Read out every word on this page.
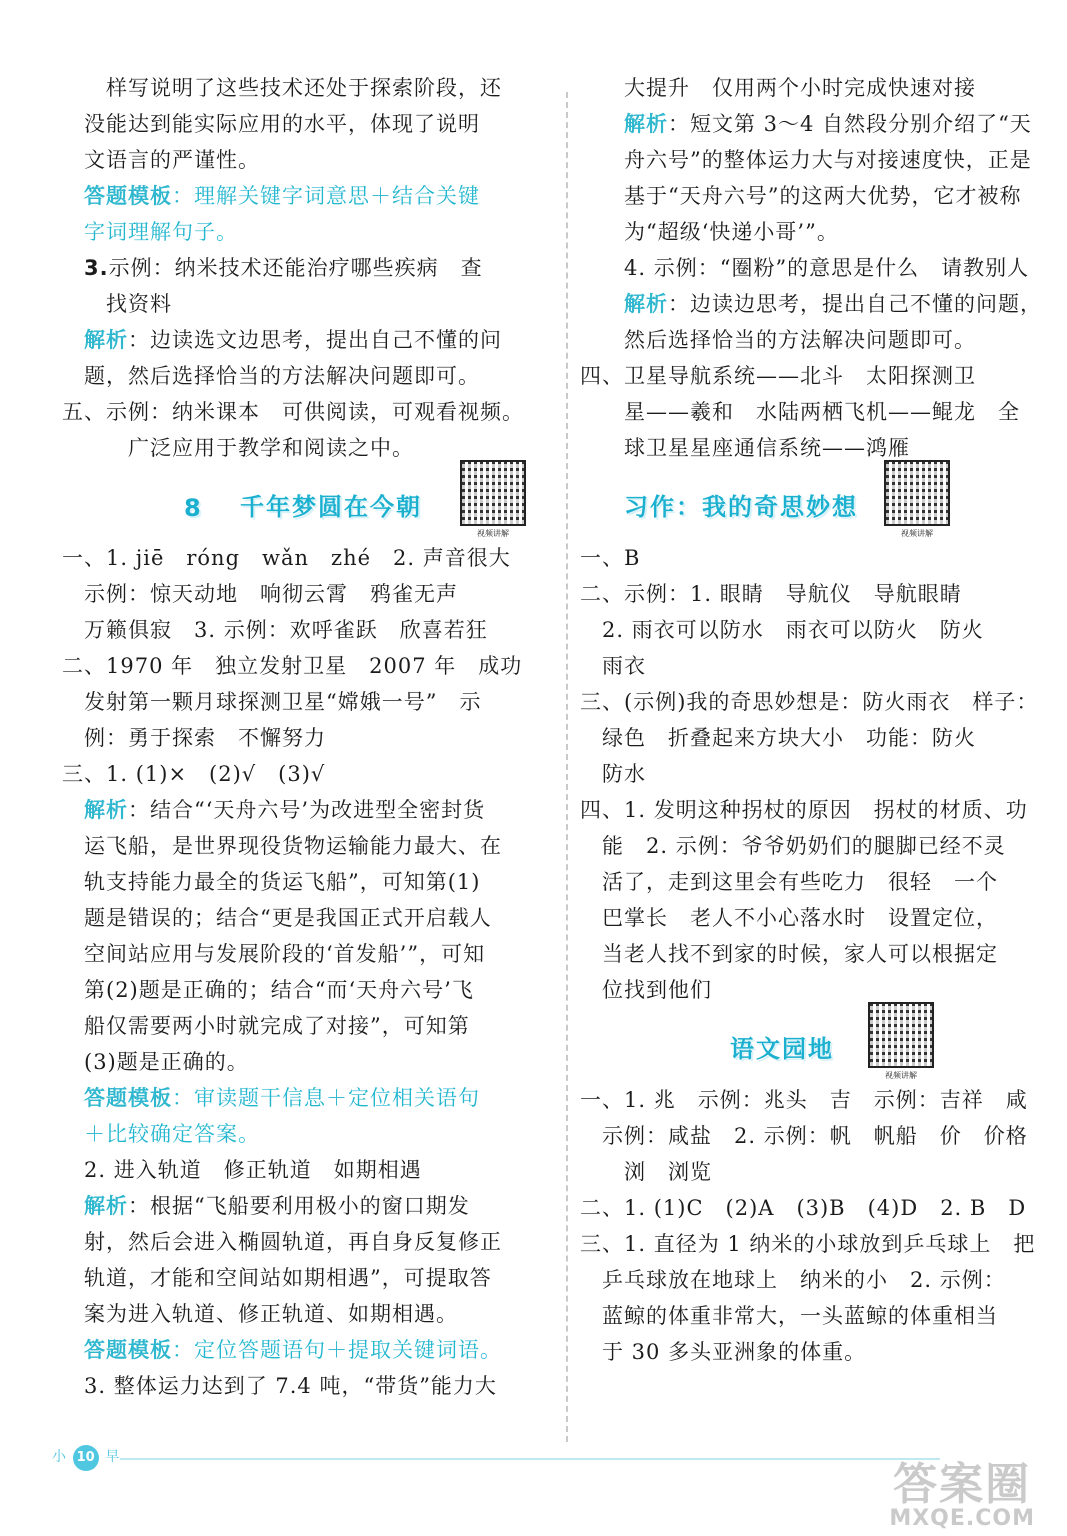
样写说明了这些技术还处于探索阶段，还
没能达到能实际应用的水平，体现了说明
文语言的严谨性。
答题模板：理解关键字词意思＋结合关键
字词理解句子。
3.示例：纳米技术还能治疗哪些疾病　查
找资料
解析：边读选文边思考，提出自己不懂的问
题，然后选择恰当的方法解决问题即可。
五、示例：纳米课本　可供阅读，可观看视频。
广泛应用于教学和阅读之中。
8 千年梦圆在今朝
视频讲解
一、1. jiē　róng　wǎn　zhé　2. 声音很大
示例：惊天动地　响彻云霄　鸦雀无声
万籁俱寂　3. 示例：欢呼雀跃　欣喜若狂
二、1970 年　独立发射卫星　2007 年　成功
发射第一颗月球探测卫星“嫦娥一号”　示
例：勇于探索　不懈努力
三、1. (1)×　(2)√　(3)√
解析：结合“‘天舟六号’为改进型全密封货
运飞船，是世界现役货物运输能力最大、在
轨支持能力最全的货运飞船”，可知第(1)
题是错误的；结合“更是我国正式开启载人
空间站应用与发展阶段的‘首发船’”，可知
第(2)题是正确的；结合“而‘天舟六号’飞
船仅需要两小时就完成了对接”，可知第
(3)题是正确的。
答题模板：审读题干信息＋定位相关语句
＋比较确定答案。
2. 进入轨道　修正轨道　如期相遇
解析：根据“飞船要利用极小的窗口期发
射，然后会进入椭圆轨道，再自身反复修正
轨道，才能和空间站如期相遇”，可提取答
案为进入轨道、修正轨道、如期相遇。
答题模板：定位答题语句＋提取关键词语。
3. 整体运力达到了 7.4 吨，“带货”能力大
大提升　仅用两个小时完成快速对接
解析：短文第 3～4 自然段分别介绍了“天
舟六号”的整体运力大与对接速度快，正是
基于“天舟六号”的这两大优势，它才被称
为“超级‘快递小哥’”。
4. 示例：“圈粉”的意思是什么　请教别人
解析：边读边思考，提出自己不懂的问题，
然后选择恰当的方法解决问题即可。
四、卫星导航系统——北斗　太阳探测卫
星——羲和　水陆两栖飞机——鲲龙　全
球卫星星座通信系统——鸿雁
习作：我的奇思妙想
视频讲解
一、B
二、示例：1. 眼睛　导航仪　导航眼睛
2. 雨衣可以防水　雨衣可以防火　防火
雨衣
三、(示例)我的奇思妙想是：防火雨衣　样子：
绿色　折叠起来方块大小　功能：防火
防水
四、1. 发明这种拐杖的原因　拐杖的材质、功
能　2. 示例：爷爷奶奶们的腿脚已经不灵
活了，走到这里会有些吃力　很轻　一个
巴掌长　老人不小心落水时　设置定位，
当老人找不到家的时候，家人可以根据定
位找到他们
语文园地
视频讲解
一、1. 兆　示例：兆头　吉　示例：吉祥　咸
示例：咸盐　2. 示例：帆　帆船　价　价格
浏　浏览
二、1. (1)C　(2)A　(3)B　(4)D　2. B　D
三、1. 直径为 1 纳米的小球放到乒乓球上　把
乒乓球放在地球上　纳米的小　2. 示例：
蓝鲸的体重非常大，一头蓝鲸的体重相当
于 30 多头亚洲象的体重。
小 10 早
答案圈
MXQE.COM
